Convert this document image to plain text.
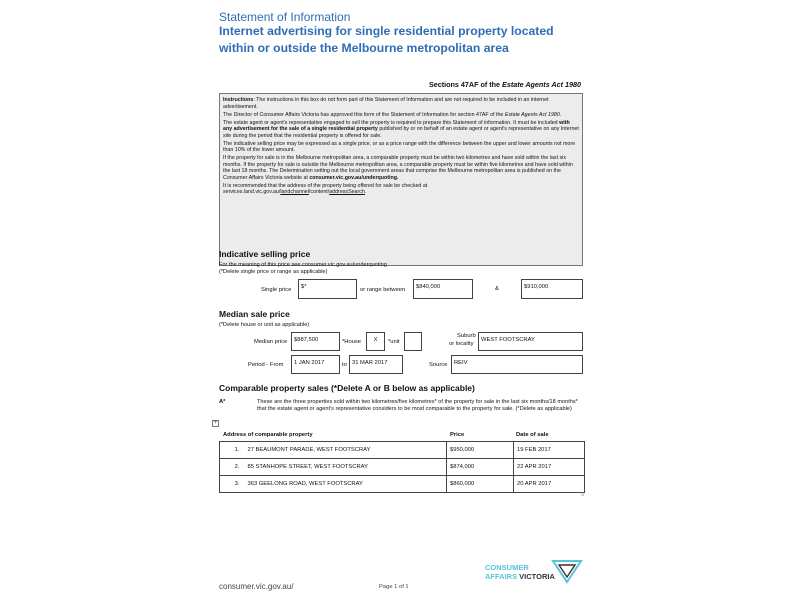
Statement of Information
Internet advertising for single residential property located within or outside the Melbourne metropolitan area
Sections 47AF of the Estate Agents Act 1980

Instructions: The instructions in this box do not form part of this Statement of Information and are not required to be included in an internet advertisement.

The Director of Consumer Affairs Victoria has approved this form of the Statement of Information for section 47AF of the Estate Agents Act 1980.

The estate agent or agent's representative engaged to sell the property is required to prepare this Statement of information. It must be included with any advertisement for the sale of a single residential property published by or on behalf of an estate agent or agent's representative on any Internet site during the period that the residential property is offered for sale.

The indicative selling price may be expressed as a single price, or as a price range with the difference between the upper and lower amounts not more than 10% of the lower amount.

If the property for sale is in the Melbourne metropolitan area, a comparable property must be within two kilometres and have sold within the last six months. If the property for sale is outside the Melbourne metropolitan area, a comparable property must be within five kilometres and have sold within the last 18 months. The Determination setting out the local government areas that comprise the Melbourne metropolitan area is published on the Consumer Affairs Victoria website at consumer.vic.gov.au/underquoting.

It is recommended that the address of the property being offered for sale be checked at
services.land.vic.gov.au/landchannel/content/addressSearch.

Indicative selling price
For the meaning of this price see consumer.vic.gov.au/underquoting
(*Delete single price or range as applicable)
Single price	$*	or range between	$840,000	&	$910,000
Median sale price
(*Delete house or unit as applicable)
Median price	$887,500	*House	X	*unit
Suburb
or locality
WEST FOOTSCRAY
Period - From	1 JAN 2017	to 31 MAR 2017	Source	REIV
Comparable property sales (*Delete A or B below as applicable)
A*	These are the three properties sold within two kilometres/five kilometres* of the property for sale in the last six months/18 months* that the estate agent or agent's representative considers to be most comparable to the property for sale. (*Delete as applicable)
+
Address of comparable property	Price	Date of sale
1.	27 BEAUMONT PARADE, WEST FOOTSCRAY	$950,000	19 FEB 2017
2.	85 STANHOPE STREET, WEST FOOTSCRAY	$874,000	22 APR 2017
3.	363 GEELONG ROAD, WEST FOOTSCRAY	$860,000	20 APR 2017
¤
consumer.vic.gov.au/	Page 1 of 1
CONSUMER
AFFAIRS VICTORIA
